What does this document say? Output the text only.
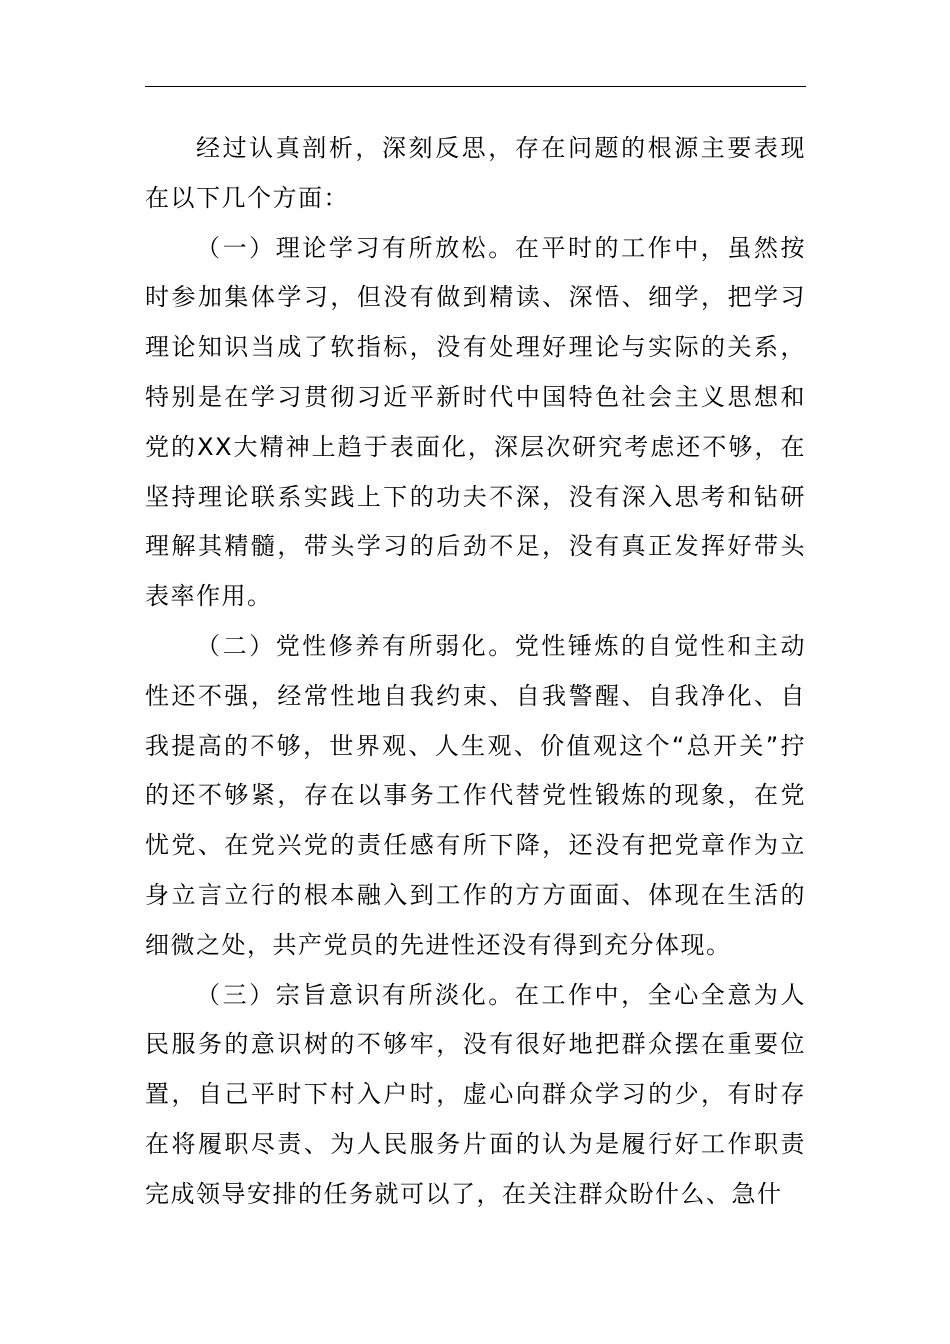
经过认真剖析，深刻反思，存在问题的根源主要表现在以下几个方面：

（一）理论学习有所放松。在平时的工作中，虽然按时参加集体学习，但没有做到精读、深悟、细学，把学习理论知识当成了软指标，没有处理好理论与实际的关系，特别是在学习贯彻习近平新时代中国特色社会主义思想和党的XX大精神上趋于表面化，深层次研究考虑还不够，在坚持理论联系实践上下的功夫不深，没有深入思考和钻研理解其精髓，带头学习的后劲不足，没有真正发挥好带头表率作用。

（二）党性修养有所弱化。党性锤炼的自觉性和主动性还不强，经常性地自我约束、自我警醒、自我净化、自我提高的不够，世界观、人生观、价值观这个“总开关”拧的还不够紧，存在以事务工作代替党性锻炼的现象，在党忧党、在党兴党的责任感有所下降，还没有把党章作为立身立言立行的根本融入到工作的方方面面、体现在生活的细微之处，共产党员的先进性还没有得到充分体现。

（三）宗旨意识有所淡化。在工作中，全心全意为人民服务的意识树的不够牢，没有很好地把群众摆在重要位置，自己平时下村入户时，虚心向群众学习的少，有时存在将履职尽责、为人民服务片面的认为是履行好工作职责完成领导安排的任务就可以了，在关注群众盼什么、急什
